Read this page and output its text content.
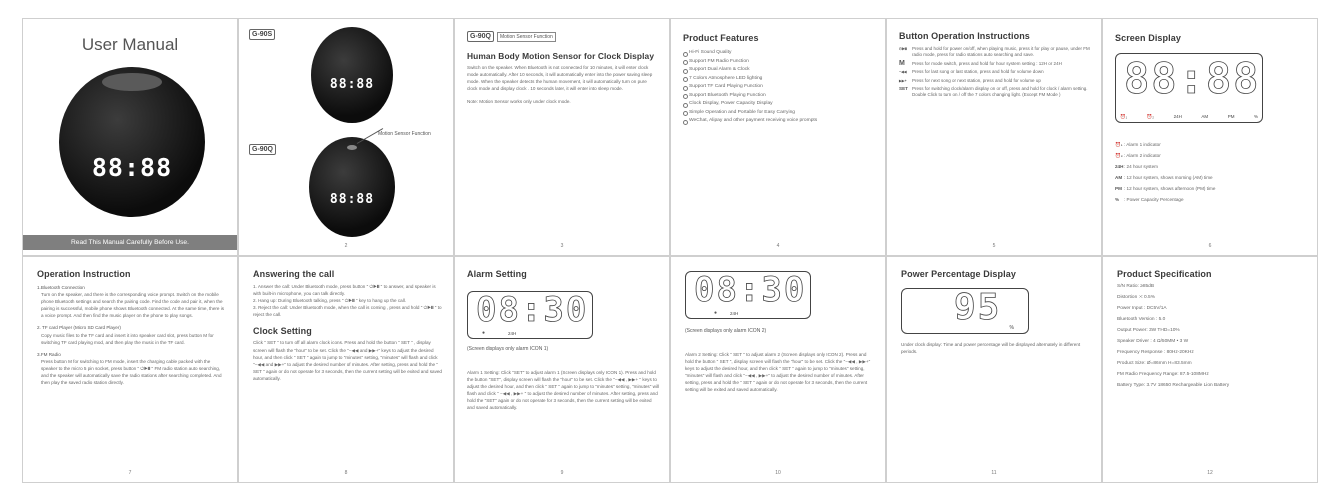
User Manual
88:88
Read This Manual Carefully Before Use.
G-90S
G-90Q
88:88
88:88
Motion Sensor Function
2
G-90Q	Motion Sensor Function
Human Body Motion Sensor for Clock Display

Switch on the speaker. When Bluetooth is not connected for 10 minutes, it will enter clock mode automatically. After 10 seconds, it will automatically enter into the power saving sleep mode. When the speaker detects the human movement, it will automatically turn on pure clock mode and display clock . 10 seconds later, it will enter into sleep mode.

Note: Motion Sensor works only under clock mode.

3
Product Features
Hi-Fi Sound Quality
Support FM Radio Function
Support Dual Alarm & Clock
7 Colors Atmosphere LED lighting
Support TF Card Playing Function
Support Bluetooth Playing Function
Clock Display, Power Capacity Display
Simple Operation and Portable for Easy Carrying
WeChat, Alipay and other payment receiving voice prompts
4
Button Operation Instructions
⏻▶❙❙	Press and hold for power on/off, when playing music, press it for play or pause, under FM radio mode, press for radio stations auto searching and save.
M	Press for mode switch, press and hold for hour system setting : 12H or 24H
−◀◀	Press for last song or last station, press and hold for volume down
▶▶+	Press for next song or next station, press and hold for volume up
SET Press for switching clock/alarm display on or off, press and hold for clock / alarm setting. Double Click to turn on / off the 7 colors changing light. (Except FM Mode )
5
Screen Display
88:88
⏰₁	⏰₂	24H	AM	PM	%
⏰₁ : Alarm 1 indicator
⏰₂ : Alarm 2 indicator
24H : 24 hour system
AM : 12 hour system, shows morning (AM) time
PM : 12 hour system, shows afternoon (PM) time
%	: Power Capacity Percentage
6
Operation Instruction

1.Bluetooth Connection

Turn on the speaker, and there is the corresponding voice prompt. Switch on the mobile phone Bluetooth settings and search the pairing code. Find the code and pair it, when the pairing is successful, mobile phone shows Bluetooth connected. At the same time, there is a voice prompt. And then find the music player on the phone to play songs.

2. TF card Player (Micro SD Card Player)

Copy music files to the TF card and insert it into speaker card slot, press button M for switching TF card playing mod, and then play the music in the TF card.

3.FM Radio

Press button M for switching to FM mode, insert the charging cable packed with the speaker to the micro 5 pin socket, press button " ⏻▶❙❙ " FM radio station auto searching, and the speaker will automatically save the radio stations after searching completed. And then play the saved radio station directly.

7
Answering the call

1. Answer the call: Under Bluetooth mode, press button " ⏻▶❙❙ " to answer, and speaker is with built-in microphone, you can talk directly.

2. Hang up: During Bluetooth talking, press " ⏻▶❙❙ " key to hang up the call.

3. Reject the call: Under Bluetooth mode, when the call is coming , press and hold " ⏻▶❙❙ " to reject the call.

Clock Setting

Click " SET " to turn off all alarm clock icons. Press and hold the button " SET " , display screen will flash the "hour" to be set. Click the "−◀◀ and ▶▶+" keys to adjust the desired hour, and then click " SET " again to jump to "minutes" setting, "minutes" will flash and click "−◀◀ and ▶▶+" to adjust the desired number of minutes. After setting, press and hold the " SET " again or do not operate for 3 seconds, then the current setting will be exited and saved automatically.

8
Alarm Setting
08:30
●	24H

(Screen displays only alarm ICON 1)

Alarm 1 Setting: Click "SET" to adjust alarm 1 (Screen displays only ICON 1). Press and hold the button "SET", display screen will flash the "hour" to be set. Click the "−◀◀ , ▶▶+ " keys to adjust the desired hour, and then click " SET " again to jump to "minutes" setting, "minutes" will flash and click " −◀◀ , ▶▶+ " to adjust the desired number of minutes. After setting, press and hold the "SET" again or do not operate for 3 seconds, then the current setting will be exited and saved automatically.

9
08:30
●	24H

(Screen displays only alarm ICON 2)

Alarm 2 Setting: Click " SET " to adjust alarm 2 (Screen displays only ICON 2). Press and hold the button " SET ", display screen will flash the "hour" to be set. Click the "−◀◀ , ▶▶+" keys to adjust the desired hour, and then click " SET " again to jump to "minutes" setting, "minutes" will flash and click "−◀◀ , ▶▶+" to adjust the desired number of minutes. After setting, press and hold the " SET " again or do not operate for 3 seconds, then the current setting will be exited and saved automatically.

10
Power Percentage Display
95 %

Under clock display: Time and power percentage will be displayed alternately in different periods.

11
Product Specification

S/N Ratio: ≥85dB

Distortion :< 0.5%

Power Input : DC5V/1A

Bluetooth Version : 5.0

Output Power: 3W THD=10%

Speaker Driver : 4 Ω/50MM • 3 W

Frequency Response : 80Hz-20KHz

Product Size: Ø=86mm H=83.5mm

FM Radio Frequency Range: 87.5-108MHz

Battery Type: 3.7V 18650 Rechargeable Lion Battery

12
